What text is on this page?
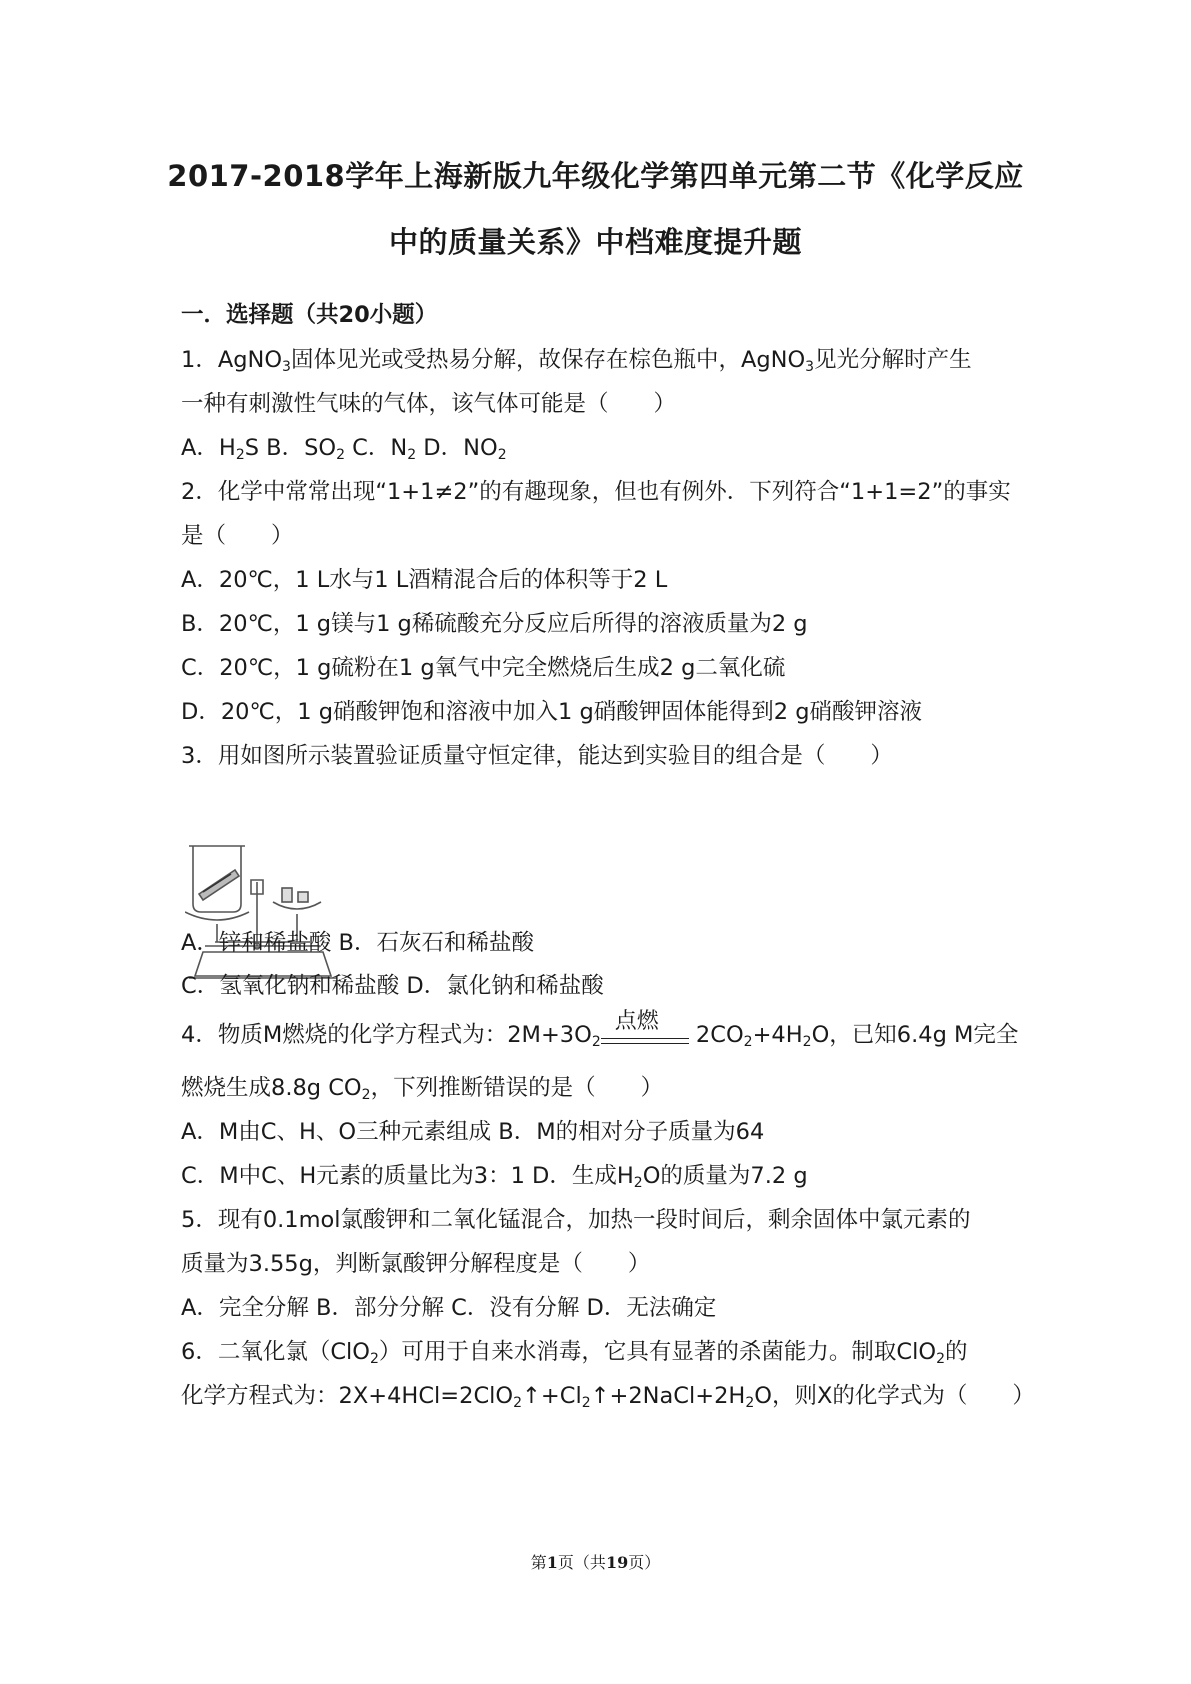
2017-2018学年上海新版九年级化学第四单元第二节《化学反应
中的质量关系》中档难度提升题
一．选择题（共20小题）
1．AgNO$_3$固体见光或受热易分解，故保存在棕色瓶中，AgNO$_3$见光分解时产生
一种有刺激性气味的气体，该气体可能是（　　）
A．$H_2S$ B．$SO_2$ C．$N_2$ D．$NO_2$
2．化学中常常出现“1+1≠2”的有趣现象，但也有例外．下列符合“1+1=2”的事实
是（　　）
A．20℃，1 L水与1 L酒精混合后的体积等于2 L
B．20℃，1 g镁与1 g稀硫酸充分反应后所得的溶液质量为2 g
C．20℃，1 g硫粉在1 g氧气中完全燃烧后生成2 g二氧化硫
D．20℃，1 g硝酸钾饱和溶液中加入1 g硝酸钾固体能得到2 g硝酸钾溶液
3．用如图所示装置验证质量守恒定律，能达到实验目的组合是（　　）
A．锌和稀盐酸 B．石灰石和稀盐酸
C．氢氧化钠和稀盐酸 D．氯化钠和稀盐酸
4．物质M燃烧的化学方程式为：$2M+3O_2$
点燃
$2CO_2+4H_2O$，已知6.4g M完全
燃烧生成8.8g $CO_2$，下列推断错误的是（　　）
A．M由C、H、O三种元素组成 B．M的相对分子质量为64
C．M中C、H元素的质量比为3：1 D．生成$H_2O$的质量为7.2 g
5．现有0.1mol氯酸钾和二氧化锰混合，加热一段时间后，剩余固体中氯元素的
质量为3.55g，判断氯酸钾分解程度是（　　）
A．完全分解 B．部分分解 C．没有分解 D．无法确定
6．二氧化氯（ClO$_2$）可用于自来水消毒，它具有显著的杀菌能力。制取ClO$_2$的
化学方程式为：$2X+4HCl=2ClO_2↑+Cl_2↑+2NaCl+2H_2O$，则X的化学式为（　　）
第1页（共19页）
